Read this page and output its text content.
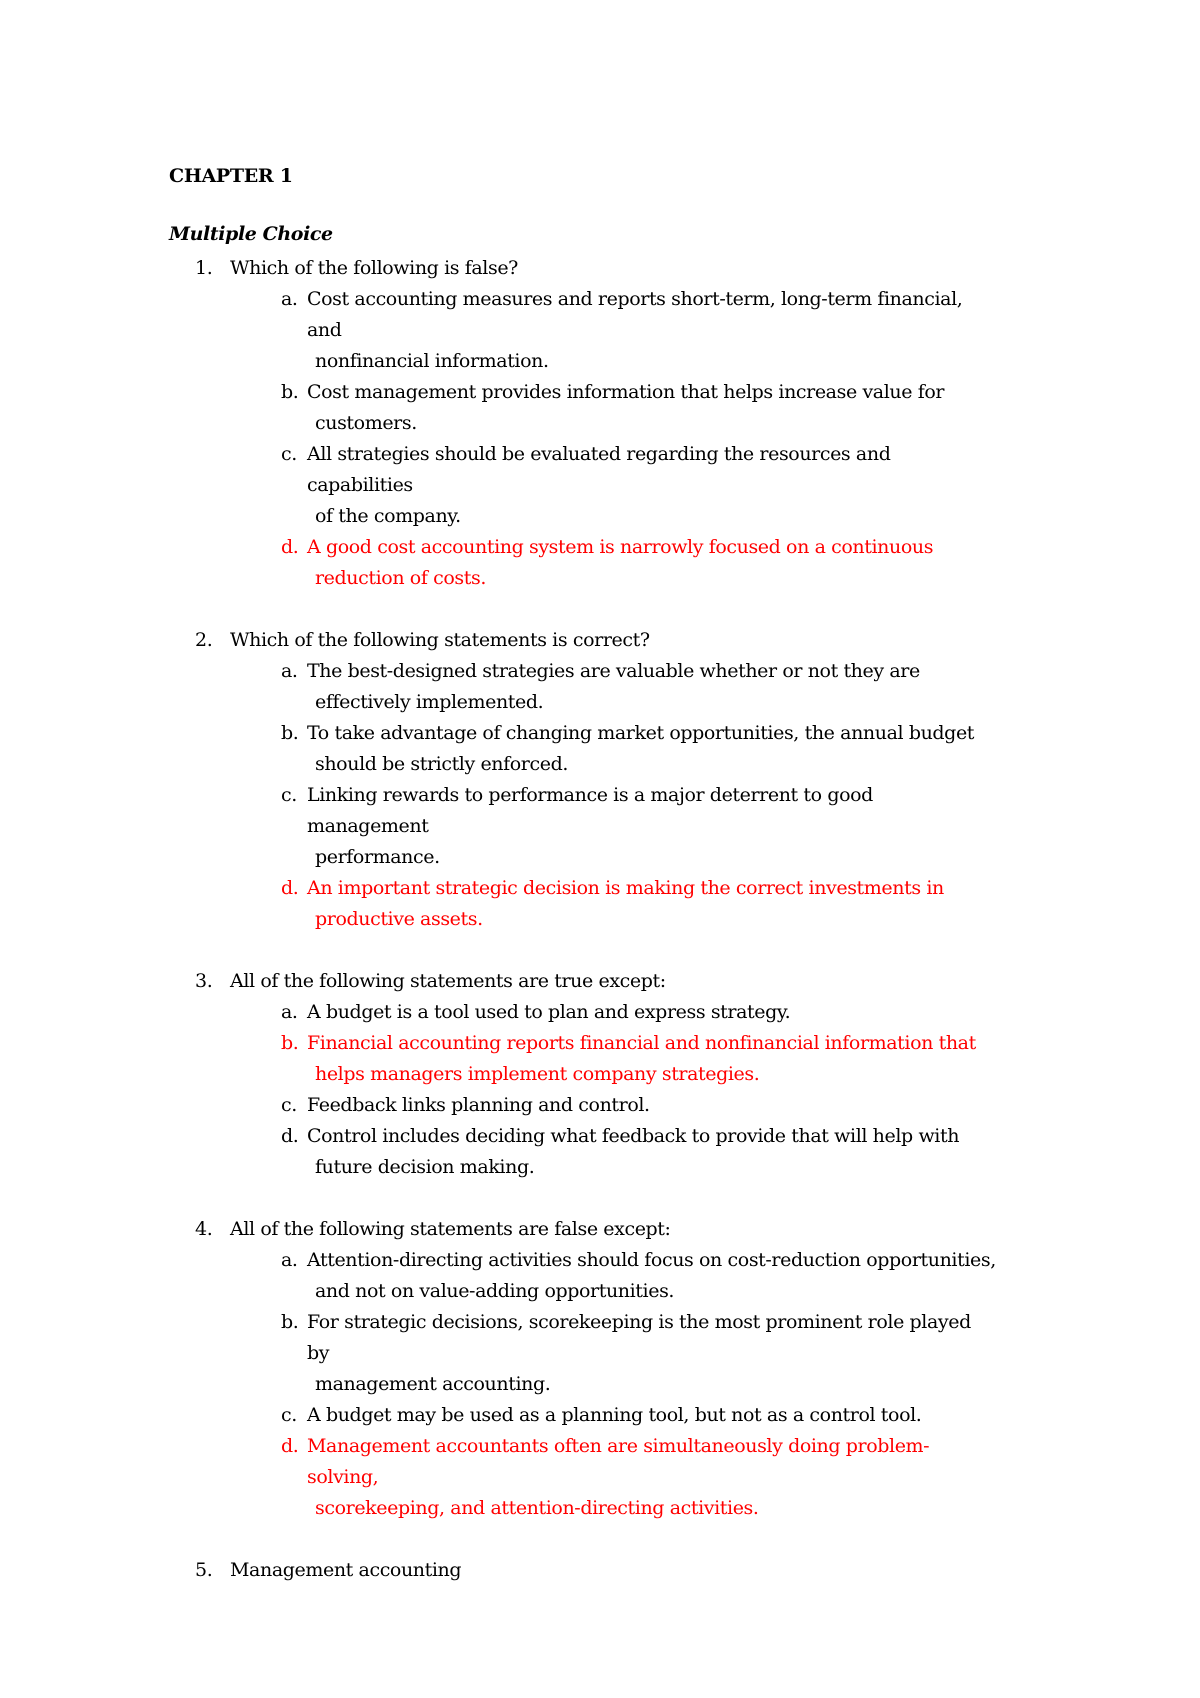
CHAPTER 1
Multiple Choice
1. Which of the following is false?
a. Cost accounting measures and reports short-term, long-term financial, and
nonfinancial information.
b. Cost management provides information that helps increase value for
customers.
c. All strategies should be evaluated regarding the resources and capabilities
of the company.
d. A good cost accounting system is narrowly focused on a continuous
reduction of costs.
2. Which of the following statements is correct?
a. The best-designed strategies are valuable whether or not they are
effectively implemented.
b. To take advantage of changing market opportunities, the annual budget
should be strictly enforced.
c. Linking rewards to performance is a major deterrent to good management
performance.
d. An important strategic decision is making the correct investments in
productive assets.
3. All of the following statements are true except:
a. A budget is a tool used to plan and express strategy.
b. Financial accounting reports financial and nonfinancial information that
helps managers implement company strategies.
c. Feedback links planning and control.
d. Control includes deciding what feedback to provide that will help with
future decision making.
4. All of the following statements are false except:
a. Attention-directing activities should focus on cost-reduction opportunities,
and not on value-adding opportunities.
b. For strategic decisions, scorekeeping is the most prominent role played by
management accounting.
c. A budget may be used as a planning tool, but not as a control tool.
d. Management accountants often are simultaneously doing problem-solving,
scorekeeping, and attention-directing activities.
5. Management accounting
